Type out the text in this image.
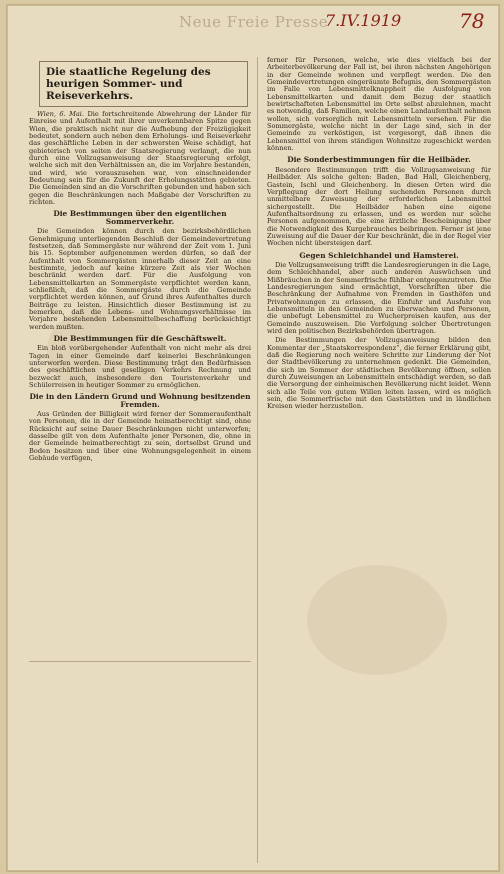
Neue Freie Presse
7.IV.1919	78
Die staatliche Regelung des heurigen Sommer- und Reiseverkehrs.

Wien, 6. Mai. Die fortschreitende Abwehrung der Länder für Einreise und Aufenthalt mit ihrer unverkennbaren Spitze gegen Wien, die praktisch nicht nur die Aufhebung der Freizügigkeit bedeutet, sondern auch neben dem Erholungs- und Reiseverkehr das geschäftliche Leben in der schwersten Weise schädigt, hat gebieterisch von seiten der Staatsregierung verlangt, die nun durch eine Vollzugsanweisung der Staatsregierung erfolgt, welche sich mit den Verhältnissen an, die im Vorjahre bestanden, und wird, wie vorauszusehen war, von einschneidender Bedeutung sein für die Zukunft der Erholungsstätten gebieten. Die Gemeinden sind an die Vorschriften gebunden und haben sich gegen die Beschränkungen nach Maßgabe der Vorschriften zu richten.

Die Bestimmungen über den eigentlichen Sommerverkehr.

Die Gemeinden können durch den bezirksbehördlichen Genehmigung unterliegenden Beschluß der Gemeindevertretung festsetzen, daß Sommergäste nur während der Zeit vom 1. Juni bis 15. September aufgenommen werden dürfen, so daß der Aufenthalt von Sommergästen innerhalb dieser Zeit an eine bestimmte, jedoch auf keine kürzere Zeit als vier Wochen beschränkt werden darf. Für die Ausfolgung von Lebensmittelkarten an Sommergäste verpflichtet werden kann, schließlich, daß die Sommergäste durch die Gemeinde verpflichtet werden können, auf Grund ihres Aufenthaltes durch Beiträge zu leisten. Hinsichtlich dieser Bestimmung ist zu bemerken, daß die Lebens- und Wohnungsverhältnisse im Vorjahre bestehenden Lebensmittelbeschaffung berücksichtigt werden mußten.

Die Bestimmungen für die Geschäftswelt.

Ein bloß vorübergehender Aufenthalt von nicht mehr als drei Tagen in einer Gemeinde darf keinerlei Beschränkungen unterworfen werden. Diese Bestimmung trägt den Bedürfnissen des geschäftlichen und geselligen Verkehrs Rechnung und bezweckt auch, insbesondere den Touristenverkehr und Schülerreisen in heutiger Sommer zu ermöglichen.

Die in den Ländern Grund und Wohnung besitzenden Fremden.

Aus Gründen der Billigkeit wird ferner der Sommeraufenthalt von Personen, die in der Gemeinde heimatberechtigt sind, ohne Rücksicht auf seine Dauer Beschränkungen nicht unterworfen; dasselbe gilt von dem Aufenthalte jener Personen, die, ohne in der Gemeinde heimatberechtigt zu sein, dortselbst Grund und Boden besitzen und über eine Wohnungsgelegenheit in einem Gebäude verfügen,

ferner für Personen, welche, wie dies vielfach bei der Arbeiterbevölkerung der Fall ist, bei ihren nächsten Angehörigen in der Gemeinde wohnen und verpflegt werden. Die den Gemeindevertretungen eingeräumte Befugnis, den Sommergästen im Falle von Lebensmittelknappheit die Ausfolgung von Lebensmittelkarten und damit dem Bezug der staatlich bewirtschafteten Lebensmittel im Orte selbst abzulehnen, macht es notwendig, daß Familien, welche einen Landaufenthalt nehmen wollen, sich vorsorglich mit Lebensmitteln versehen. Für die Sommergäste, welche nicht in der Lage sind, sich in der Gemeinde zu verköstigen, ist vorgesorgt, daß ihnen die Lebensmittel von ihrem ständigen Wohnsitze zugeschickt werden können.

Die Sonderbestimmungen für die Heilbäder.

Besondere Bestimmungen trifft die Vollzugsanweisung für Heilbäder. Als solche gelten: Baden, Bad Hall, Gleichenberg, Gastein, Ischl und Gleichenberg. In diesen Orten wird die Verpflegung der dort Heilung suchenden Personen durch unmittelbare Zuweisung der erforderlichen Lebensmittel sichergestellt. Die Heilbäder haben eine eigene Aufenthaltsordnung zu erlassen, und es werden nur solche Personen aufgenommen, die eine ärztliche Bescheinigung über die Notwendigkeit des Kurgebrauches beibringen. Ferner ist jene Zuweisung auf die Dauer der Kur beschränkt, die in der Regel vier Wochen nicht übersteigen darf.

Gegen Schleichhandel und Hamsterei.

Die Vollzugsanweisung trifft die Landesregierungen in die Lage, dem Schleichhandel, aber auch anderen Auswüchsen und Mißbräuchen in der Sommerfrische fühlbar entgegenzutreten. Die Landesregierungen sind ermächtigt, Vorschriften über die Beschränkung der Aufnahme von Fremden in Gasthöfen und Privatwohnungen zu erlassen, die Einfuhr und Ausfuhr von Lebensmitteln in den Gemeinden zu überwachen und Personen, die unbefugt Lebensmittel zu Wucherpreisen kaufen, aus der Gemeinde auszuweisen. Die Verfolgung solcher Übertretungen wird den politischen Bezirksbehörden übertragen.

Die Bestimmungen der Vollzugsanweisung bilden den Kommentar der „Staatskorrespondenz“, die ferner Erklärung gibt, daß die Regierung noch weitere Schritte zur Linderung der Not der Stadtbevölkerung zu unternehmen gedenkt. Die Gemeinden, die sich im Sommer der städtischen Bevölkerung öffnen, sollen durch Zuweisungen an Lebensmitteln entschädigt werden, so daß die Versorgung der einheimischen Bevölkerung nicht leidet. Wenn sich alle Teile von gutem Willen leiten lassen, wird es möglich sein, die Sommerfrische mit den Gaststätten und in ländlichen Kreisen wieder herzustellen.
